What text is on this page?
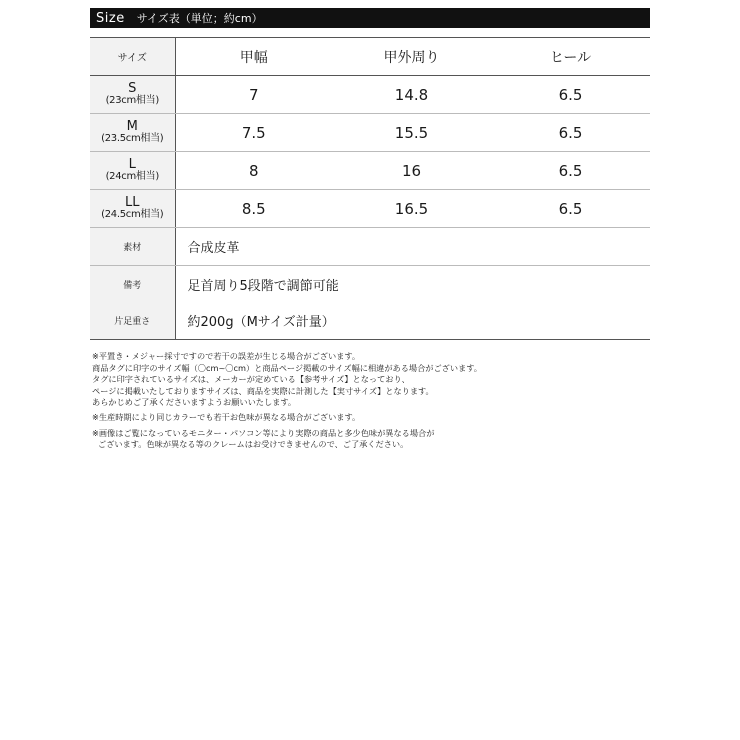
Size サイズ表（単位；約cm）
サイズ	甲幅	甲外周り	ヒール

S
(23cm相当)	7	14.8	6.5

M
(23.5cm相当)	7.5	15.5	6.5

L
(24cm相当)	8	16	6.5

LL
(24.5cm相当)	8.5	16.5	6.5
素材	合成皮革		
備考	足首周り5段階で調節可能		
片足重さ	約200g（Mサイズ計量）		

※平置き・メジャー採寸ですので若干の誤差が生じる場合がございます。

商品タグに印字のサイズ幅（〇cm~〇cm）と商品ページ掲載のサイズ幅に相違がある場合がございます。

タグに印字されているサイズは、メーカーが定めている【参考サイズ】となっており、

ページに掲載いたしておりますサイズは、商品を実際に計測した【実寸サイズ】となります。

あらかじめご了承くださいますようお願いいたします。

※生産時期により同じカラーでも若干お色味が異なる場合がございます。

※画像はご覧になっているモニター・パソコン等により実際の商品と多少色味が異なる場合が

ございます。色味が異なる等のクレームはお受けできませんので、ご了承ください。
